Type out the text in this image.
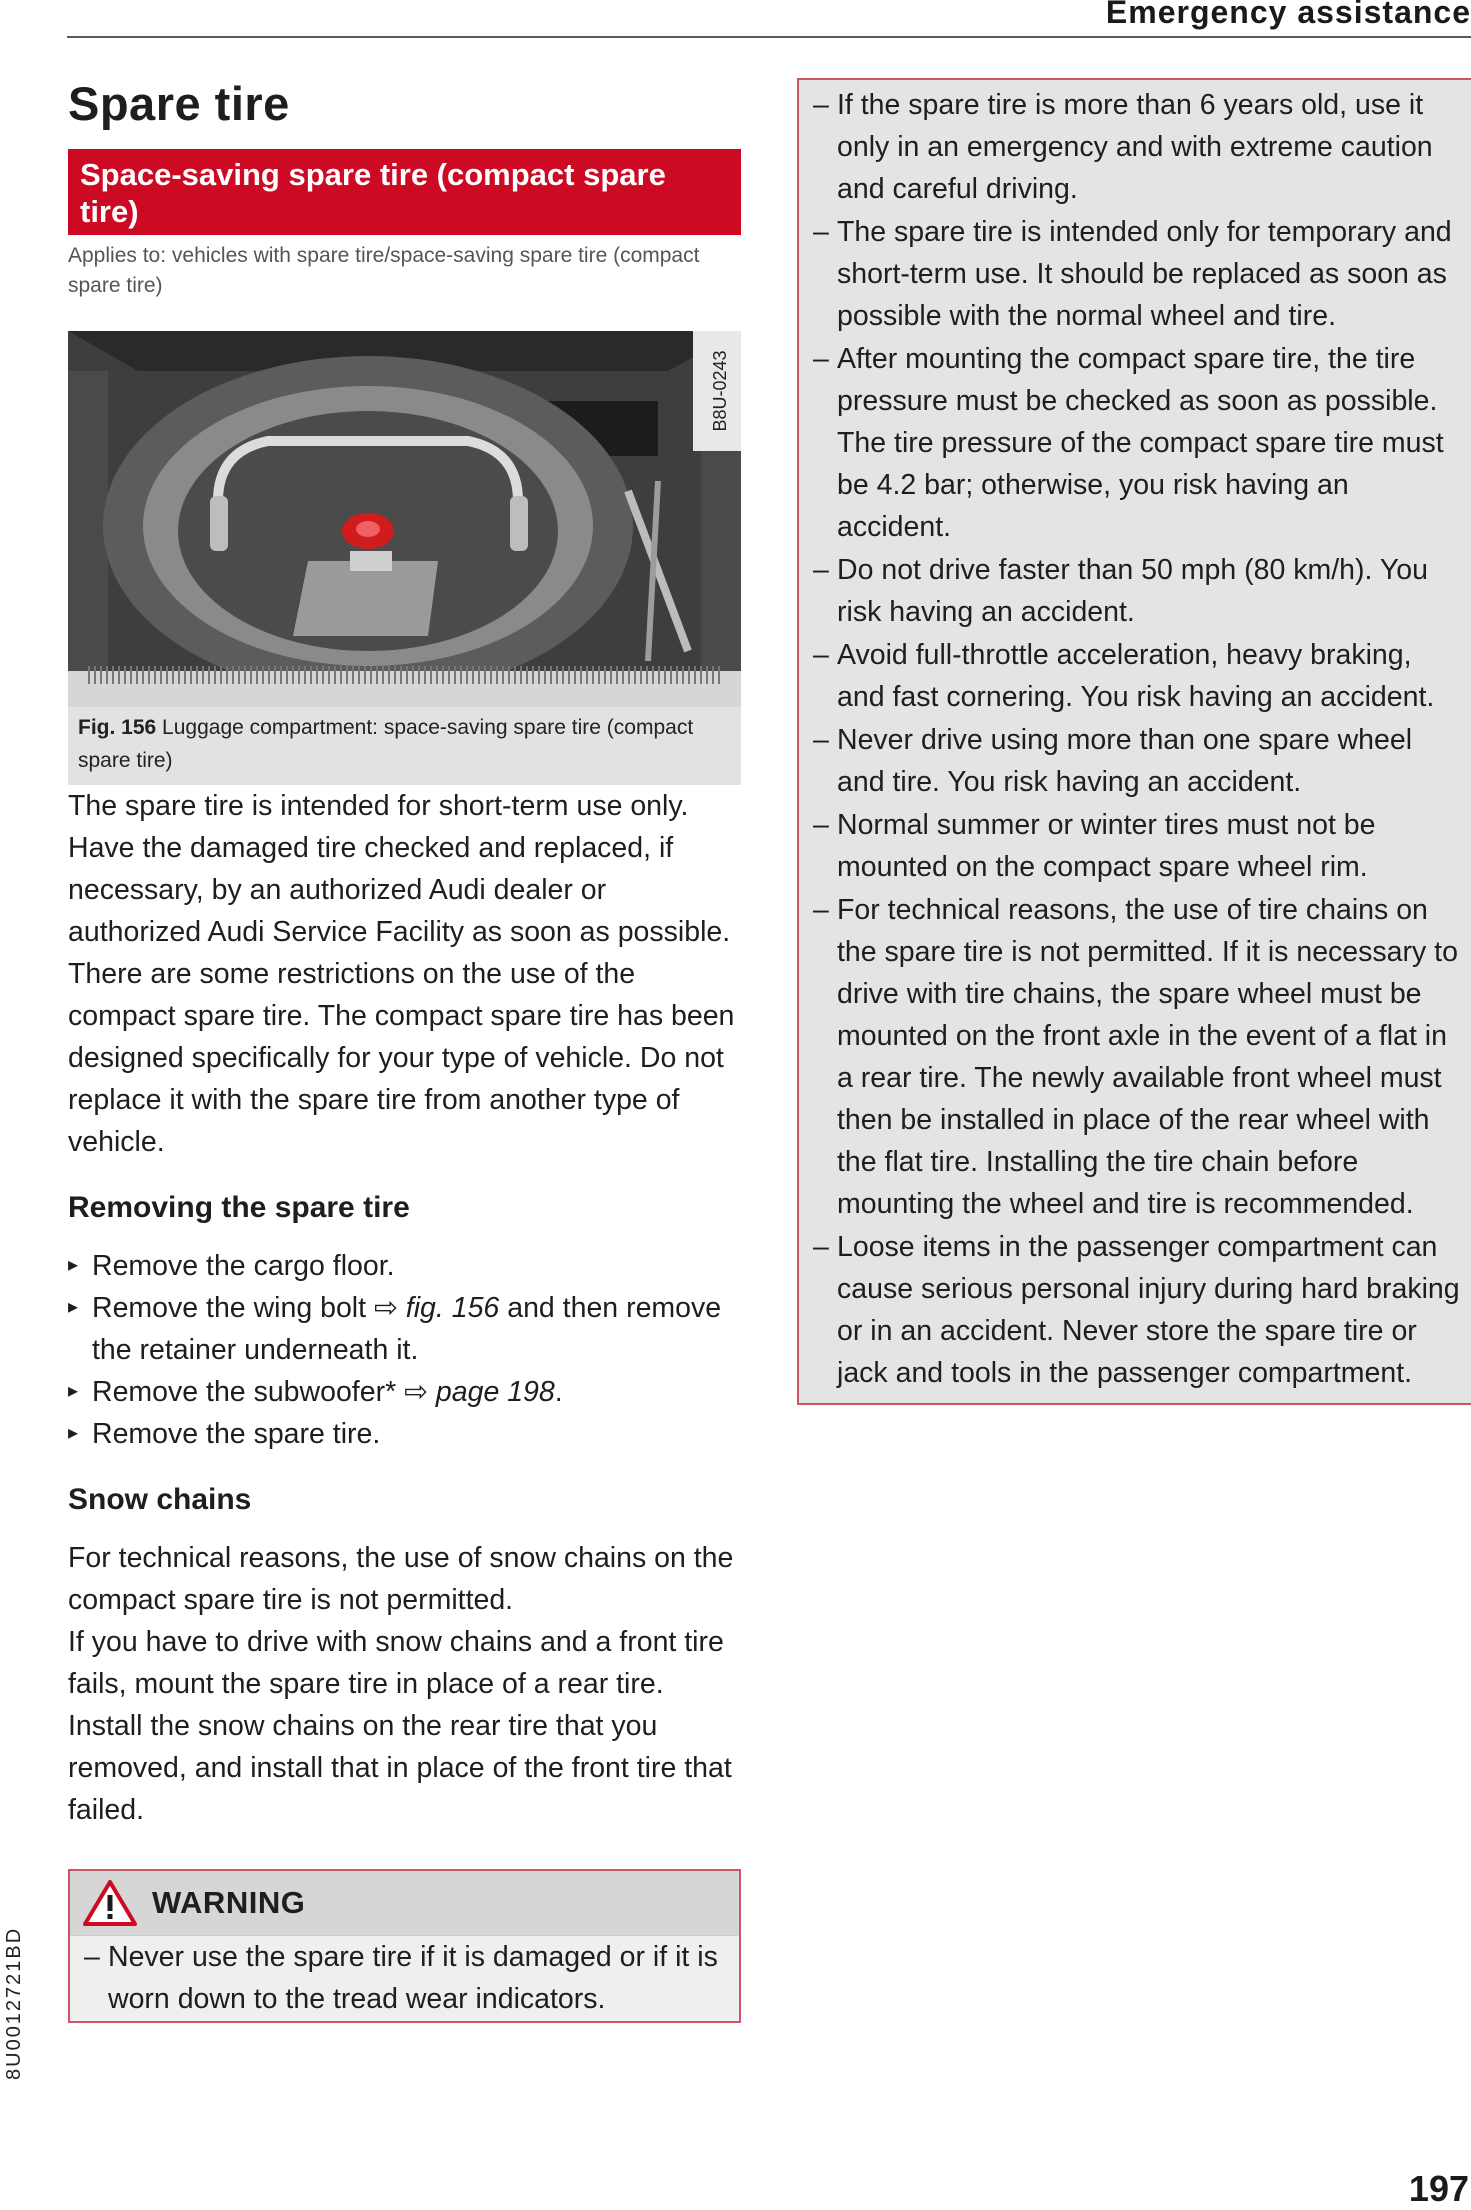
Emergency assistance
Spare tire
Space-saving spare tire (compact spare tire)
Applies to: vehicles with spare tire/space-saving spare tire (compact spare tire)
B8U-0243
Fig. 156 Luggage compartment: space-saving spare tire (compact spare tire)

The spare tire is intended for short-term use only. Have the damaged tire checked and replaced, if necessary, by an authorized Audi dealer or authorized Audi Service Facility as soon as possible.

There are some restrictions on the use of the compact spare tire. The compact spare tire has been designed specifically for your type of vehicle. Do not replace it with the spare tire from another type of vehicle.

Removing the spare tire
▸ Remove the cargo floor.
▸ Remove the wing bolt ⇨ fig. 156 and then remove the retainer underneath it.
▸ Remove the subwoofer* ⇨ page 198.
▸ Remove the spare tire.
Snow chains

For technical reasons, the use of snow chains on the compact spare tire is not permitted.

If you have to drive with snow chains and a front tire fails, mount the spare tire in place of a rear tire. Install the snow chains on the rear tire that you removed, and install that in place of the front tire that failed.

WARNING
– Never use the spare tire if it is damaged or if it is worn down to the tread wear indicators.
– If the spare tire is more than 6 years old, use it only in an emergency and with extreme caution and careful driving.
– The spare tire is intended only for temporary and short-term use. It should be replaced as soon as possible with the normal wheel and tire.
– After mounting the compact spare tire, the tire pressure must be checked as soon as possible. The tire pressure of the compact spare tire must be 4.2 bar; otherwise, you risk having an accident.
– Do not drive faster than 50 mph (80 km/h). You risk having an accident.
– Avoid full-throttle acceleration, heavy braking, and fast cornering. You risk having an accident.
– Never drive using more than one spare wheel and tire. You risk having an accident.
– Normal summer or winter tires must not be mounted on the compact spare wheel rim.
– For technical reasons, the use of tire chains on the spare tire is not permitted. If it is necessary to drive with tire chains, the spare wheel must be mounted on the front axle in the event of a flat in a rear tire. The newly available front wheel must then be installed in place of the rear wheel with the flat tire. Installing the tire chain before mounting the wheel and tire is recommended.
– Loose items in the passenger compartment can cause serious personal injury during hard braking or in an accident. Never store the spare tire or jack and tools in the passenger compartment.
8U0012721BD
197
